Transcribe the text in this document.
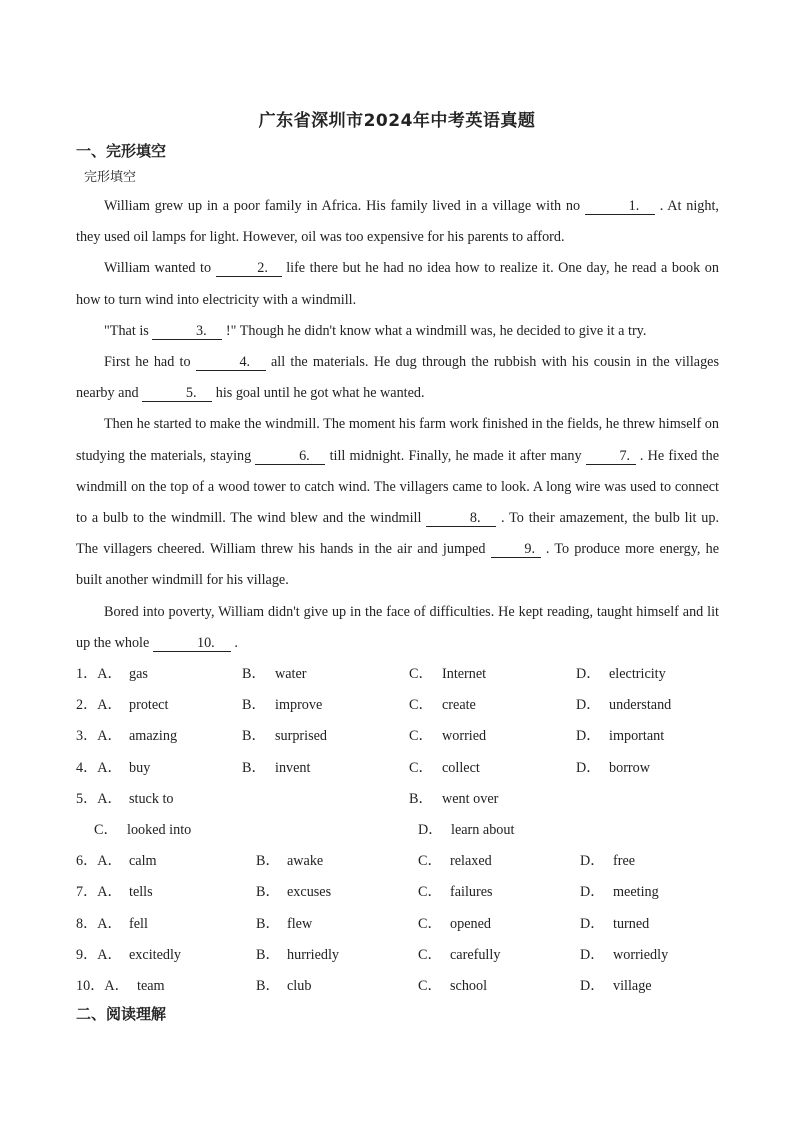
广东省深圳市2024年中考英语真题
一、完形填空
完形填空

William grew up in a poor family in Africa. His family lived in a village with no	1. . At night, they used oil lamps for light. However, oil was too expensive for his parents to afford.

William wanted to	2. life there but he had no idea how to realize it. One day, he read a book on how to turn wind into electricity with a windmill.

"That is	3. !" Though he didn't know what a windmill was, he decided to give it a try.

First he had to	4. all the materials. He dug through the rubbish with his cousin in the villages nearby and	5. his goal until he got what he wanted.

Then he started to make the windmill. The moment his farm work finished in the fields, he threw himself on studying the materials, staying	6. till midnight. Finally, he made it after many 7. . He fixed the windmill on the top of a wood tower to catch wind. The villagers came to look. A long wire was used to connect to a bulb to the windmill. The wind blew and the windmill	8. . To their amazement, the bulb lit up. The villagers cheered. William threw his hands in the air and jumped 9. . To produce more energy, he built another windmill for his village.

Bored into poverty, William didn't give up in the face of difficulties. He kept reading, taught himself and lit up the whole	10. .

1．A． gas	B． water	C． Internet	D． electricity
2．A． protect	B． improve	C． create	D． understand
3．A． amazing	B． surprised	C． worried	D． important
4．A． buy	B． invent	C． collect	D． borrow
5．A． stuck to	B． went over
C． looked into	D． learn about
6．A． calm	B． awake	C． relaxed	D． free
7．A． tells	B． excuses	C． failures	D． meeting
8．A． fell	B． flew	C． opened	D． turned
9．A． excitedly	B． hurriedly	C． carefully	D． worriedly
10．A． team	B． club	C． school	D． village
二、阅读理解
